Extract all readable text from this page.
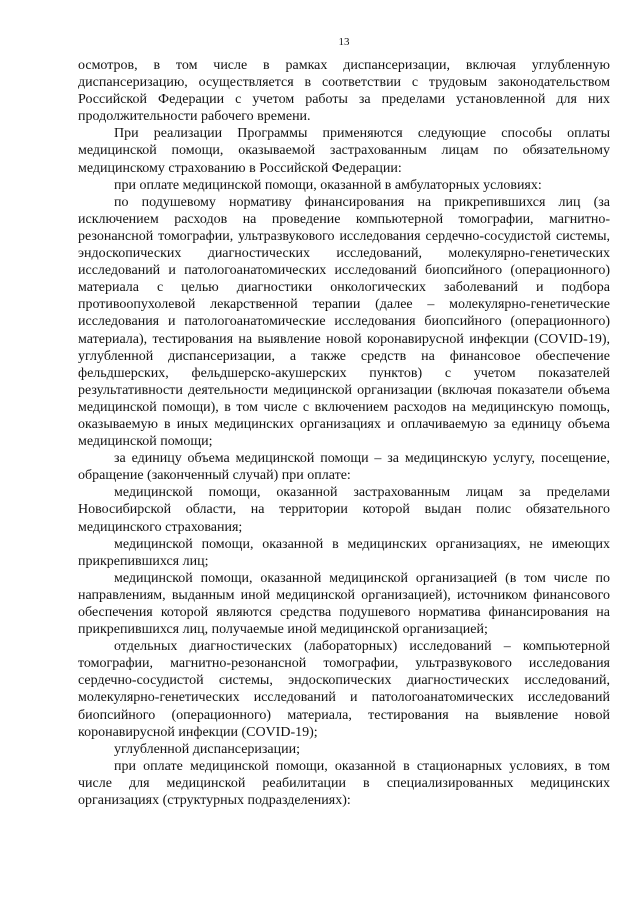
13

осмотров, в том числе в рамках диспансеризации, включая углубленную диспансеризацию, осуществляется в соответствии с трудовым законодательством Российской Федерации с учетом работы за пределами установленной для них продолжительности рабочего времени.

При реализации Программы применяются следующие способы оплаты медицинской помощи, оказываемой застрахованным лицам по обязательному медицинскому страхованию в Российской Федерации:

при оплате медицинской помощи, оказанной в амбулаторных условиях:

по подушевому нормативу финансирования на прикрепившихся лиц (за исключением расходов на проведение компьютерной томографии, магнитно-резонансной томографии, ультразвукового исследования сердечно-сосудистой системы, эндоскопических диагностических исследований, молекулярно-генетических исследований и патологоанатомических исследований биопсийного (операционного) материала с целью диагностики онкологических заболеваний и подбора противоопухолевой лекарственной терапии (далее – молекулярно-генетические исследования и патологоанатомические исследования биопсийного (операционного) материала), тестирования на выявление новой коронавирусной инфекции (COVID-19), углубленной диспансеризации, а также средств на финансовое обеспечение фельдшерских, фельдшерско-акушерских пунктов) с учетом показателей результативности деятельности медицинской организации (включая показатели объема медицинской помощи), в том числе с включением расходов на медицинскую помощь, оказываемую в иных медицинских организациях и оплачиваемую за единицу объема медицинской помощи;

за единицу объема медицинской помощи – за медицинскую услугу, посещение, обращение (законченный случай) при оплате:

медицинской помощи, оказанной застрахованным лицам за пределами Новосибирской области, на территории которой выдан полис обязательного медицинского страхования;

медицинской помощи, оказанной в медицинских организациях, не имеющих прикрепившихся лиц;

медицинской помощи, оказанной медицинской организацией (в том числе по направлениям, выданным иной медицинской организацией), источником финансового обеспечения которой являются средства подушевого норматива финансирования на прикрепившихся лиц, получаемые иной медицинской организацией;

отдельных диагностических (лабораторных) исследований – компьютерной томографии, магнитно-резонансной томографии, ультразвукового исследования сердечно-сосудистой системы, эндоскопических диагностических исследований, молекулярно-генетических исследований и патологоанатомических исследований биопсийного (операционного) материала, тестирования на выявление новой коронавирусной инфекции (COVID-19);

углубленной диспансеризации;

при оплате медицинской помощи, оказанной в стационарных условиях, в том числе для медицинской реабилитации в специализированных медицинских организациях (структурных подразделениях):
